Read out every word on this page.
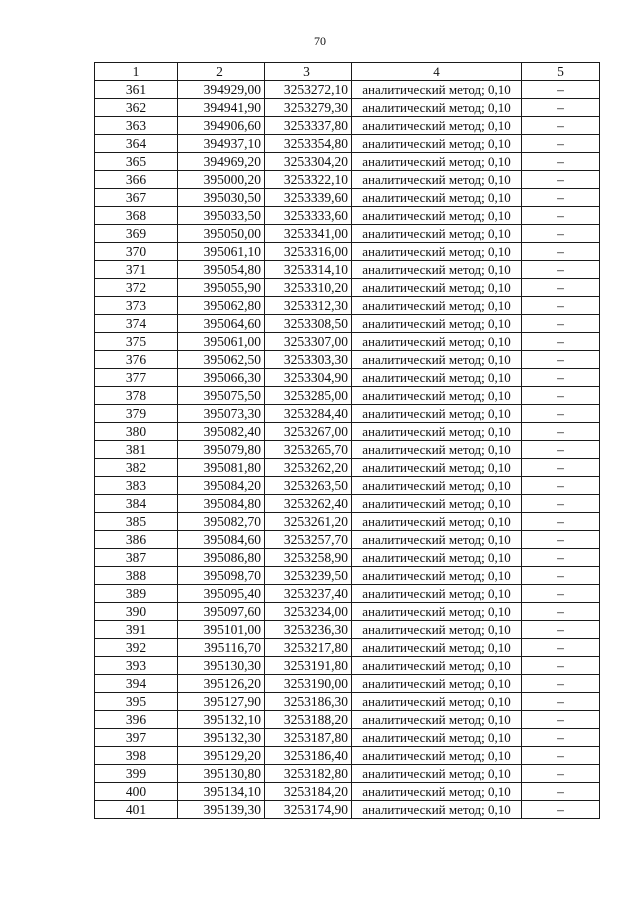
70
1	2	3	4	5
361	394929,00	3253272,10	аналитический метод; 0,10	–
362	394941,90	3253279,30	аналитический метод; 0,10	–
363	394906,60	3253337,80	аналитический метод; 0,10	–
364	394937,10	3253354,80	аналитический метод; 0,10	–
365	394969,20	3253304,20	аналитический метод; 0,10	–
366	395000,20	3253322,10	аналитический метод; 0,10	–
367	395030,50	3253339,60	аналитический метод; 0,10	–
368	395033,50	3253333,60	аналитический метод; 0,10	–
369	395050,00	3253341,00	аналитический метод; 0,10	–
370	395061,10	3253316,00	аналитический метод; 0,10	–
371	395054,80	3253314,10	аналитический метод; 0,10	–
372	395055,90	3253310,20	аналитический метод; 0,10	–
373	395062,80	3253312,30	аналитический метод; 0,10	–
374	395064,60	3253308,50	аналитический метод; 0,10	–
375	395061,00	3253307,00	аналитический метод; 0,10	–
376	395062,50	3253303,30	аналитический метод; 0,10	–
377	395066,30	3253304,90	аналитический метод; 0,10	–
378	395075,50	3253285,00	аналитический метод; 0,10	–
379	395073,30	3253284,40	аналитический метод; 0,10	–
380	395082,40	3253267,00	аналитический метод; 0,10	–
381	395079,80	3253265,70	аналитический метод; 0,10	–
382	395081,80	3253262,20	аналитический метод; 0,10	–
383	395084,20	3253263,50	аналитический метод; 0,10	–
384	395084,80	3253262,40	аналитический метод; 0,10	–
385	395082,70	3253261,20	аналитический метод; 0,10	–
386	395084,60	3253257,70	аналитический метод; 0,10	–
387	395086,80	3253258,90	аналитический метод; 0,10	–
388	395098,70	3253239,50	аналитический метод; 0,10	–
389	395095,40	3253237,40	аналитический метод; 0,10	–
390	395097,60	3253234,00	аналитический метод; 0,10	–
391	395101,00	3253236,30	аналитический метод; 0,10	–
392	395116,70	3253217,80	аналитический метод; 0,10	–
393	395130,30	3253191,80	аналитический метод; 0,10	–
394	395126,20	3253190,00	аналитический метод; 0,10	–
395	395127,90	3253186,30	аналитический метод; 0,10	–
396	395132,10	3253188,20	аналитический метод; 0,10	–
397	395132,30	3253187,80	аналитический метод; 0,10	–
398	395129,20	3253186,40	аналитический метод; 0,10	–
399	395130,80	3253182,80	аналитический метод; 0,10	–
400	395134,10	3253184,20	аналитический метод; 0,10	–
401	395139,30	3253174,90	аналитический метод; 0,10	–
